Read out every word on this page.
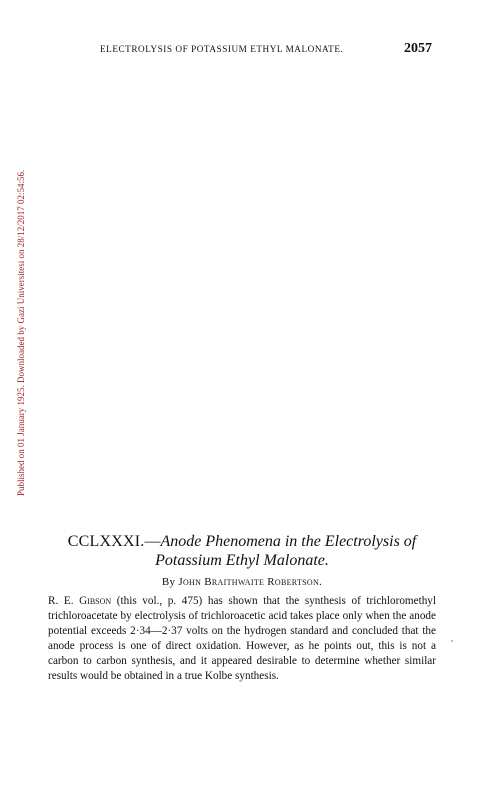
ELECTROLYSIS OF POTASSIUM ETHYL MALONATE.	2057
Published on 01 January 1925. Downloaded by Gazi Universitesi on 28/12/2017 02:54:56.
CCLXXXI.—Anode Phenomena in the Electrolysis of Potassium Ethyl Malonate.

By John Braithwaite Robertson.

R. E. Gibson (this vol., p. 475) has shown that the synthesis of trichloromethyl trichloroacetate by electrolysis of trichloroacetic acid takes place only when the anode potential exceeds 2·34—2·37 volts on the hydrogen standard and concluded that the anode process is one of direct oxidation. However, as he points out, this is not a carbon to carbon synthesis, and it appeared desirable to determine whether similar results would be obtained in a true Kolbe synthesis.
